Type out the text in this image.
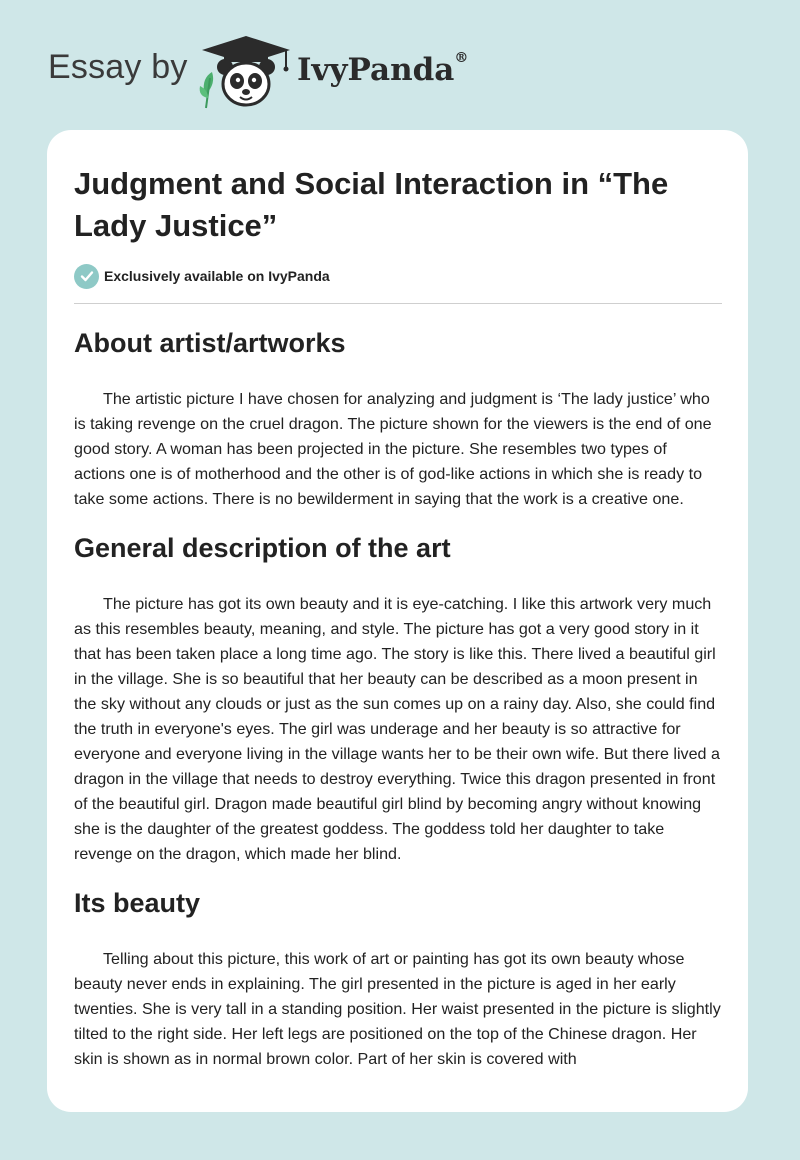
Essay by	IvyPanda®
Judgment and Social Interaction in “The Lady Justice”
Exclusively available on IvyPanda
About artist/artworks

The artistic picture I have chosen for analyzing and judgment is ‘The lady justice’ who is taking revenge on the cruel dragon. The picture shown for the viewers is the end of one good story. A woman has been projected in the picture. She resembles two types of actions one is of motherhood and the other is of god-like actions in which she is ready to take some actions. There is no bewilderment in saying that the work is a creative one.

General description of the art

The picture has got its own beauty and it is eye-catching. I like this artwork very much as this resembles beauty, meaning, and style. The picture has got a very good story in it that has been taken place a long time ago. The story is like this. There lived a beautiful girl in the village. She is so beautiful that her beauty can be described as a moon present in the sky without any clouds or just as the sun comes up on a rainy day. Also, she could find the truth in everyone's eyes. The girl was underage and her beauty is so attractive for everyone and everyone living in the village wants her to be their own wife. But there lived a dragon in the village that needs to destroy everything. Twice this dragon presented in front of the beautiful girl. Dragon made beautiful girl blind by becoming angry without knowing she is the daughter of the greatest goddess. The goddess told her daughter to take revenge on the dragon, which made her blind.

Its beauty

Telling about this picture, this work of art or painting has got its own beauty whose beauty never ends in explaining. The girl presented in the picture is aged in her early twenties. She is very tall in a standing position. Her waist presented in the picture is slightly tilted to the right side. Her left legs are positioned on the top of the Chinese dragon. Her skin is shown as in normal brown color. Part of her skin is covered with
